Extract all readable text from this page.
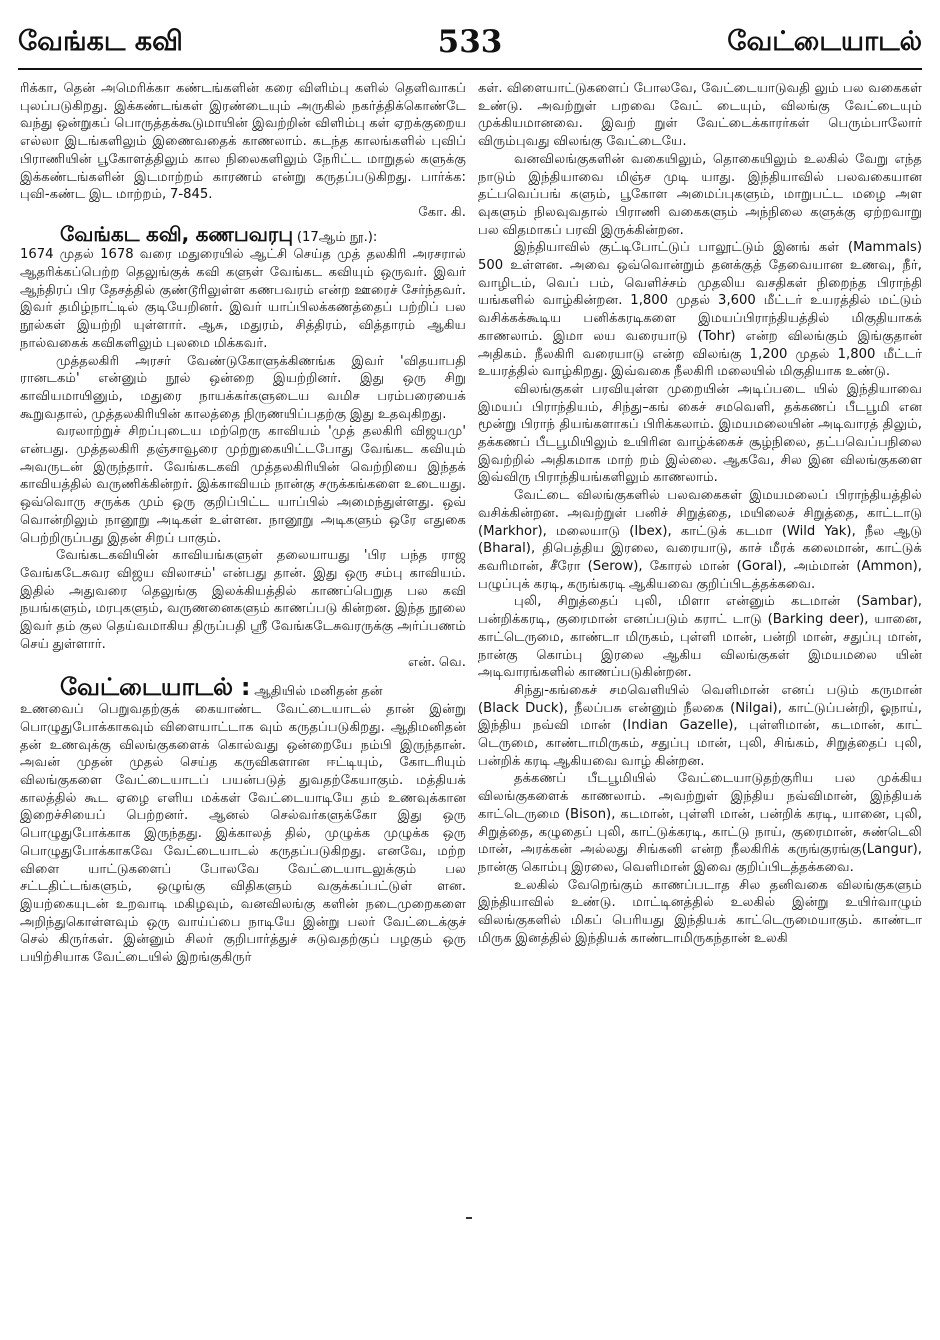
வேங்கட கவி	533	வேட்டையாடல்

ரிக்கா, தென் அமெரிக்கா கண்டங்களின் கரை விளிம்பு களில் தெளிவாகப் புலப்படுகிறது. இக்கண்டங்கள் இரண்டையும் அருகில் நகர்த்திக்கொண்டே வந்து ஒன்றுகப் பொருத்தக்கூடுமாயின் இவற்றின் விளிம்பு கள் ஏறக்குறைய எல்லா இடங்களிலும் இணைவதைக் காணலாம். கடந்த காலங்களில் புவிப் பிராணியின் பூகோளத்திலும் கால நிலைகளிலும் நேரிட்ட மாறுதல் களுக்கு இக்கண்டங்களின் இடமாற்றம் காரணம் என்று கருதப்படுகிறது. பார்க்க: புவி-கண்ட இட மாற்றம், 7-845.

கோ. கி.

வேங்கட கவி, கணபவரபு (17ஆம் நூ.):

1674 முதல் 1678 வரை மதுரையில் ஆட்சி செய்த முத் தலகிரி அரசரால் ஆதரிக்கப்பெற்ற தெலுங்குக் கவி களுள் வேங்கட கவியும் ஒருவர். இவர் ஆந்திரப் பிர தேசத்தில் குண்டூரிலுள்ள கணபவரம் என்ற ஊரைச் சேர்ந்தவர். இவர் தமிழ்நாட்டில் குடியேறினர். இவர் யாப்பிலக்கணத்தைப் பற்றிப் பல நூல்கள் இயற்றி யுள்ளார். ஆசு, மதுரம், சித்திரம், வித்தாரம் ஆகிய நால்வகைக் கவிகளிலும் புலமை மிக்கவர்.

முத்தலகிரி அரசர் வேண்டுகோளுக்கிணங்க இவர் 'விதயாபதி ரானடகம்' என்னும் நூல் ஒன்றை இயற்றினர். இது ஒரு சிறு காவியமாயினும், மதுரை நாயக்கர்களுடைய வமிச பரம்பரையைக் கூறுவதால், முத்தலகிரியின் காலத்தை நிருணயிப்பதற்கு இது உதவுகிறது.

வரலாற்றுச் சிறப்புடைய மற்றெரு காவியம் 'முத் தலகிரி விஜயமு' என்பது. முத்தலகிரி தஞ்சாவூரை முற்றுகையிட்டபோது வேங்கட கவியும் அவருடன் இருந்தார். வேங்கடகவி முத்தலகிரியின் வெற்றியை இந்தக் காவியத்தில் வருணிக்கின்றர். இக்காவியம் நான்கு சருக்கங்களை உடையது. ஒவ்வொரு சருக்க மும் ஒரு குறிப்பிட்ட யாப்பில் அமைந்துள்ளது. ஒவ் வொன்றிலும் நானூறு அடிகள் உள்ளன. நானூறு அடிகளும் ஒரே எதுகை பெற்றிருப்பது இதன் சிறப் பாகும்.

வேங்கடகவியின் காவியங்களுள் தலையாயது 'பிர பந்த ராஜ வேங்கடேசுவர விஜய விலாசம்' என்பது தான். இது ஒரு சம்பு காவியம். இதில் அதுவரை தெலுங்கு இலக்கியத்தில் காணப்பெறுத பல கவி நயங்களும், மரபுகளும், வருணனைகளும் காணப்படு கின்றன. இந்த நூலை இவர் தம் குல தெய்வமாகிய திருப்பதி ஸ்ரீ வேங்கடேசுவரருக்கு அர்ப்பணம் செய் துள்ளார்.

என். வெ.

வேட்டையாடல் : ஆதியில் மனிதன் தன்

உணவைப் பெறுவதற்குக் கையாண்ட வேட்டையாடல் தான் இன்று பொழுதுபோக்காகவும் விளையாட்டாக வும் கருதப்படுகிறது. ஆதிமனிதன் தன் உணவுக்கு விலங்குகளைக் கொல்வது ஒன்றையே நம்பி இருந்தான். அவன் முதன் முதல் செய்த கருவிகளான ஈட்டியும், கோடரியும் விலங்குகளை வேட்டையாடப் பயன்படுத் துவதற்கேயாகும். மத்தியக் காலத்தில் கூட ஏழை எளிய மக்கள் வேட்டையாடியே தம் உணவுக்கான இறைச்சியைப் பெற்றனர். ஆனல் செல்வர்களுக்கோ இது ஒரு பொழுதுபோக்காக இருந்தது. இக்காலத் தில், முழுக்க முழுக்க ஒரு பொழுதுபோக்காகவே வேட்டையாடல் கருதப்படுகிறது. எனவே, மற்ற விளை யாட்டுகளைப் போலவே வேட்டையாடலுக்கும் பல சட்டதிட்டங்களும், ஒழுங்கு விதிகளும் வகுக்கப்பட்டுள் ளன. இயற்கையுடன் உறவாடி மகிழவும், வனவிலங்கு களின் நடைமுறைகளை அறிந்துகொள்ளவும் ஒரு வாய்ப்பை நாடியே இன்று பலர் வேட்டைக்குச் செல் கிருர்கள். இன்னும் சிலர் குறிபார்த்துச் சுடுவதற்குப் பழகும் ஒரு பயிற்சியாக வேட்டையில் இறங்குகிருர்

கள். விளையாட்டுகளைப் போலவே, வேட்டையாடுவதி லும் பல வகைகள் உண்டு. அவற்றுள் பறவை வேட் டையும், விலங்கு வேட்டையும் முக்கியமானவை. இவற் றுள் வேட்டைக்காரர்கள் பெரும்பாலோர் விரும்புவது விலங்கு வேட்டையே.

வனவிலங்குகளின் வகையிலும், தொகையிலும் உலகில் வேறு எந்த நாடும் இந்தியாவை மிஞ்ச முடி யாது. இந்தியாவில் பலவகையான தட்பவெப்பங் களும், பூகோள அமைப்புகளும், மாறுபட்ட மழை அள வுகளும் நிலவுவதால் பிராணி வகைகளும் அந்நிலை களுக்கு ஏற்றவாறு பல விதமாகப் பரவி இருக்கின்றன.

இந்தியாவில் குட்டிபோட்டுப் பாலூட்டும் இனங் கள் (Mammals) 500 உள்ளன. அவை ஒவ்வொன்றும் தனக்குத் தேவையான உணவு, நீர், வாழிடம், வெப் பம், வெளிச்சம் முதலிய வசதிகள் நிறைந்த பிராந்தி யங்களில் வாழ்கின்றன. 1,800 முதல் 3,600 மீட்டர் உயரத்தில் மட்டும் வசிக்கக்கூடிய பனிக்கரடிகளை இமயப்பிராந்தியத்தில் மிகுதியாகக் காணலாம். இமா லய வரையாடு (Tohr) என்ற விலங்கும் இங்குதான் அதிகம். நீலகிரி வரையாடு என்ற விலங்கு 1,200 முதல் 1,800 மீட்டர் உயரத்தில் வாழ்கிறது. இவ்வகை நீலகிரி மலையில் மிகுதியாக உண்டு.

விலங்குகள் பரவியுள்ள முறையின் அடிப்படை யில் இந்தியாவை இமயப் பிராந்தியம், சிந்து–கங் கைச் சமவெளி, தக்கணப் பீடபூமி என மூன்று பிராந் தியங்களாகப் பிரிக்கலாம். இமயமலையின் அடிவாரத் திலும், தக்கணப் பீடபூமியிலும் உயிரின வாழ்க்கைச் சூழ்நிலை, தட்பவெப்பநிலை இவற்றில் அதிகமாக மாற் றம் இல்லை. ஆகவே, சில இன விலங்குகளை இவ்விரு பிராந்தியங்களிலும் காணலாம்.

வேட்டை விலங்குகளில் பலவகைகள் இமயமலைப் பிராந்தியத்தில் வசிக்கின்றன. அவற்றுள் பனிச் சிறுத்தை, மயிலைச் சிறுத்தை, காட்டாடு (Markhor), மலையாடு (Ibex), காட்டுக் கடமா (Wild Yak), நீல ஆடு (Bharal), திபெத்திய இரலை, வரையாடு, காச் மீரக் கலைமான், காட்டுக் கவரிமான், சீரோ (Serow), கோரல் மான் (Goral), அம்மான் (Ammon), பழுப்புக் கரடி, கருங்கரடி ஆகியவை குறிப்பிடத்தக்கவை.

புலி, சிறுத்தைப் புலி, மிளா என்னும் கடமான் (Sambar), பன்றிக்கரடி, குரைமான் எனப்படும் கராட் டாடு (Barking deer), யானை, காட்டெருமை, காண்டா மிருகம், புள்ளி மான், பன்றி மான், சதுப்பு மான், நான்கு கொம்பு இரலை ஆகிய விலங்குகள் இமயமலை யின் அடிவாரங்களில் காணப்படுகின்றன.

சிந்து-கங்கைச் சமவெளியில் வெளிமான் எனப் படும் கருமான் (Black Duck), நீலப்பசு என்னும் நீலகை (Nilgai), காட்டுப்பன்றி, ஓநாய், இந்திய நவ்வி மான் (Indian Gazelle), புள்ளிமான், கடமான், காட் டெருமை, காண்டாமிருகம், சதுப்பு மான், புலி, சிங்கம், சிறுத்தைப் புலி, பன்றிக் கரடி ஆகியவை வாழ் கின்றன.

தக்கணப் பீடபூமியில் வேட்டையாடுதற்குரிய பல முக்கிய விலங்குகளைக் காணலாம். அவற்றுள் இந்திய நவ்விமான், இந்தியக் காட்டெருமை (Bison), கடமான், புள்ளி மான், பன்றிக் கரடி, யானை, புலி, சிறுத்தை, கழுதைப் புலி, காட்டுக்கரடி, காட்டு நாய், குரைமான், சுண்டெலி மான், அரக்கன் அல்லது சிங்கனி என்ற நீலகிரிக் கருங்குரங்கு(Langur), நான்கு கொம்பு இரலை, வெளிமான் இவை குறிப்பிடத்தக்கவை.

உலகில் வேறெங்கும் காணப்படாத சில தனிவகை விலங்குகளும் இந்தியாவில் உண்டு. மாட்டினத்தில் உலகில் இன்று உயிர்வாழும் விலங்குகளில் மிகப் பெரியது இந்தியக் காட்டெருமையாகும். காண்டா மிருக இனத்தில் இந்தியக் காண்டாமிருகந்தான் உலகி
